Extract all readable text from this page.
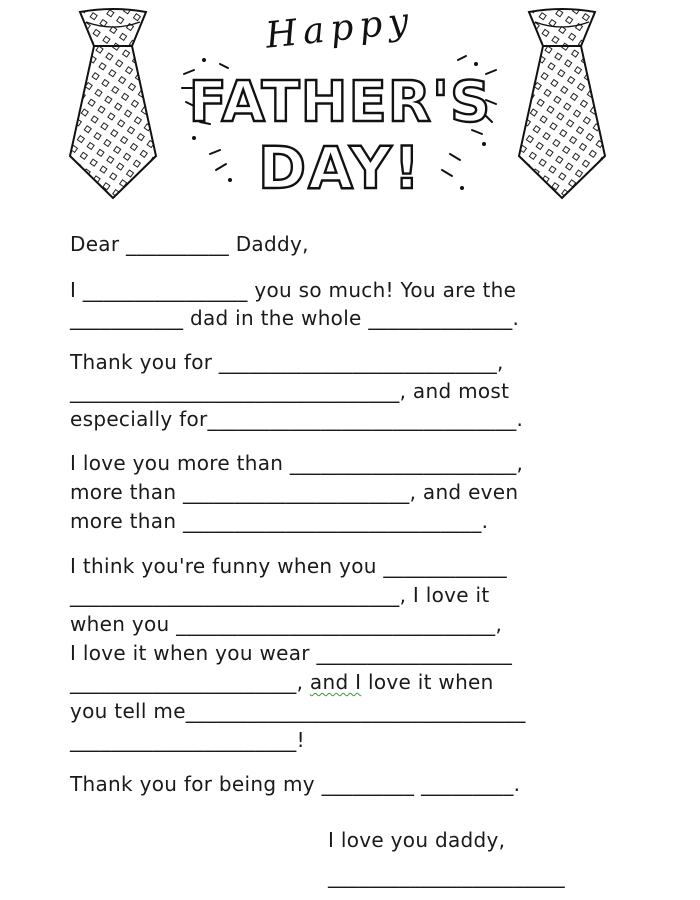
Happy
FATHER'S
DAY!
Dear __________ Daddy,
I ________________ you so much! You are the
___________ dad in the whole ______________.
Thank you for ___________________________,
________________________________, and most
especially for______________________________.
I love you more than ______________________,
more than ______________________, and even
more than _____________________________.
I think you're funny when you ____________
________________________________, I love it
when you _______________________________,
I love it when you wear ___________________
______________________, and I love it when
you tell me_________________________________
______________________!
Thank you for being my _________ _________.
I love you daddy,
_______________________
